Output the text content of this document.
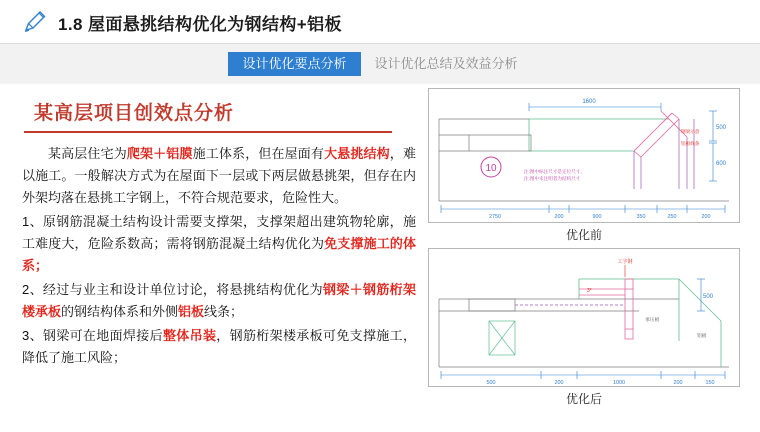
1.8 屋面悬挑结构优化为钢结构+铝板
设计优化要点分析	设计优化总结及效益分析
某高层项目创效点分析

某高层住宅为爬架＋铝膜施工体系，但在屋面有大悬挑结构，难以施工。一般解决方式为在屋面下一层或下两层做悬挑架，但存在内外架均落在悬挑工字钢上，不符合规范要求，危险性大。

1、原钢筋混凝土结构设计需要支撑架，支撑架超出建筑物轮廓，施工难度大，危险系数高；需将钢筋混凝土结构优化为免支撑施工的体系；

2、经过与业主和设计单位讨论，将悬挑结构优化为钢梁＋钢筋桁架楼承板的钢结构体系和外侧铝板线条；

3、钢梁可在地面焊接后整体吊装，钢筋桁架楼承板可免支撑施工，降低了施工风险；

1600
500
600
10	注:图中标注尺寸是定位尺寸,
注:图中未注明者为结构尺寸
钢梁示意
铝板线条
2750	200	900	350	250	200
优化前
工字钢
3°
500
承压板
铝板
500	200	1000	200	150
优化后
